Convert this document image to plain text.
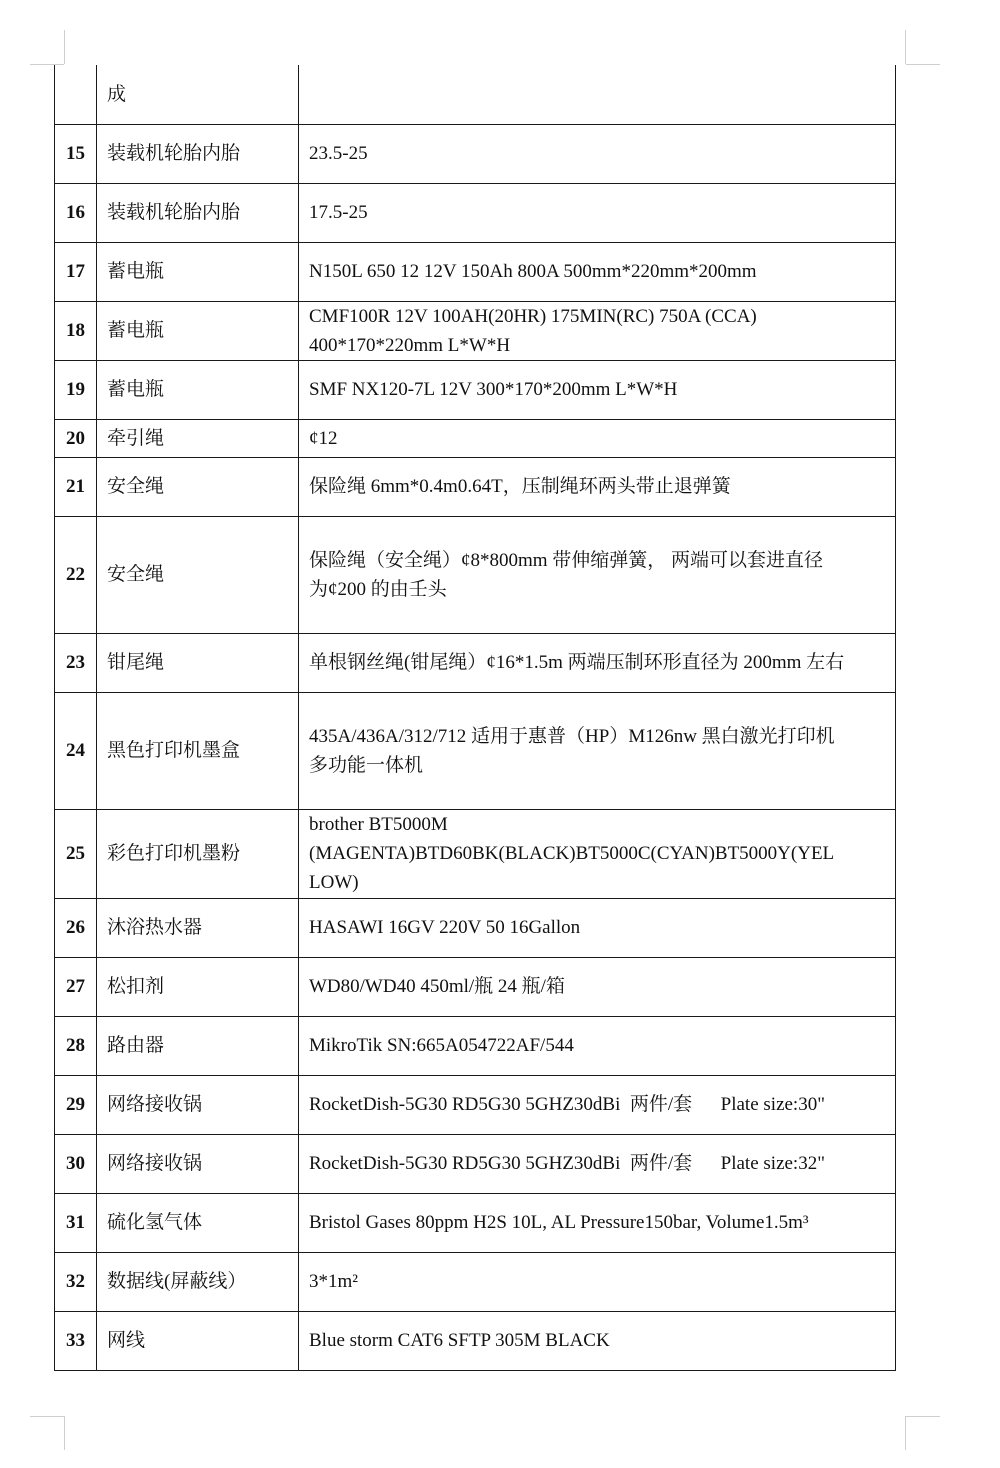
	成	
15	装载机轮胎内胎	23.5-25
16	装载机轮胎内胎	17.5-25
17	蓄电瓶	N150L 650 12 12V 150Ah 800A 500mm*220mm*200mm
18	蓄电瓶	CMF100R 12V 100AH(20HR) 175MIN(RC) 750A (CCA)
400*170*220mm L*W*H

19	蓄电瓶	SMF NX120-7L 12V 300*170*200mm L*W*H
20	牵引绳	¢12
21	安全绳	保险绳 6mm*0.4m0.64T，压制绳环两头带止退弹簧
22	安全绳	保险绳（安全绳）¢8*800mm 带伸缩弹簧， 两端可以套进直径
为¢200 的由壬头

23	钳尾绳	单根钢丝绳(钳尾绳）¢16*1.5m 两端压制环形直径为 200mm 左右
24	黑色打印机墨盒	435A/436A/312/712 适用于惠普（HP）M126nw 黑白激光打印机
多功能一体机

25	彩色打印机墨粉	brother BT5000M
(MAGENTA)BTD60BK(BLACK)BT5000C(CYAN)BT5000Y(YEL
LOW)

26	沐浴热水器	HASAWI 16GV 220V 50 16Gallon
27	松扣剂	WD80/WD40 450ml/瓶 24 瓶/箱
28	路由器	MikroTik SN:665A054722AF/544
29	网络接收锅	RocketDish-5G30 RD5G30 5GHZ30dBi  两件/套      Plate size:30"
30	网络接收锅	RocketDish-5G30 RD5G30 5GHZ30dBi  两件/套      Plate size:32"
31	硫化氢气体	Bristol Gases 80ppm H2S 10L, AL Pressure150bar, Volume1.5m³
32	数据线(屏蔽线）	3*1m²
33	网线	Blue storm CAT6 SFTP 305M BLACK
